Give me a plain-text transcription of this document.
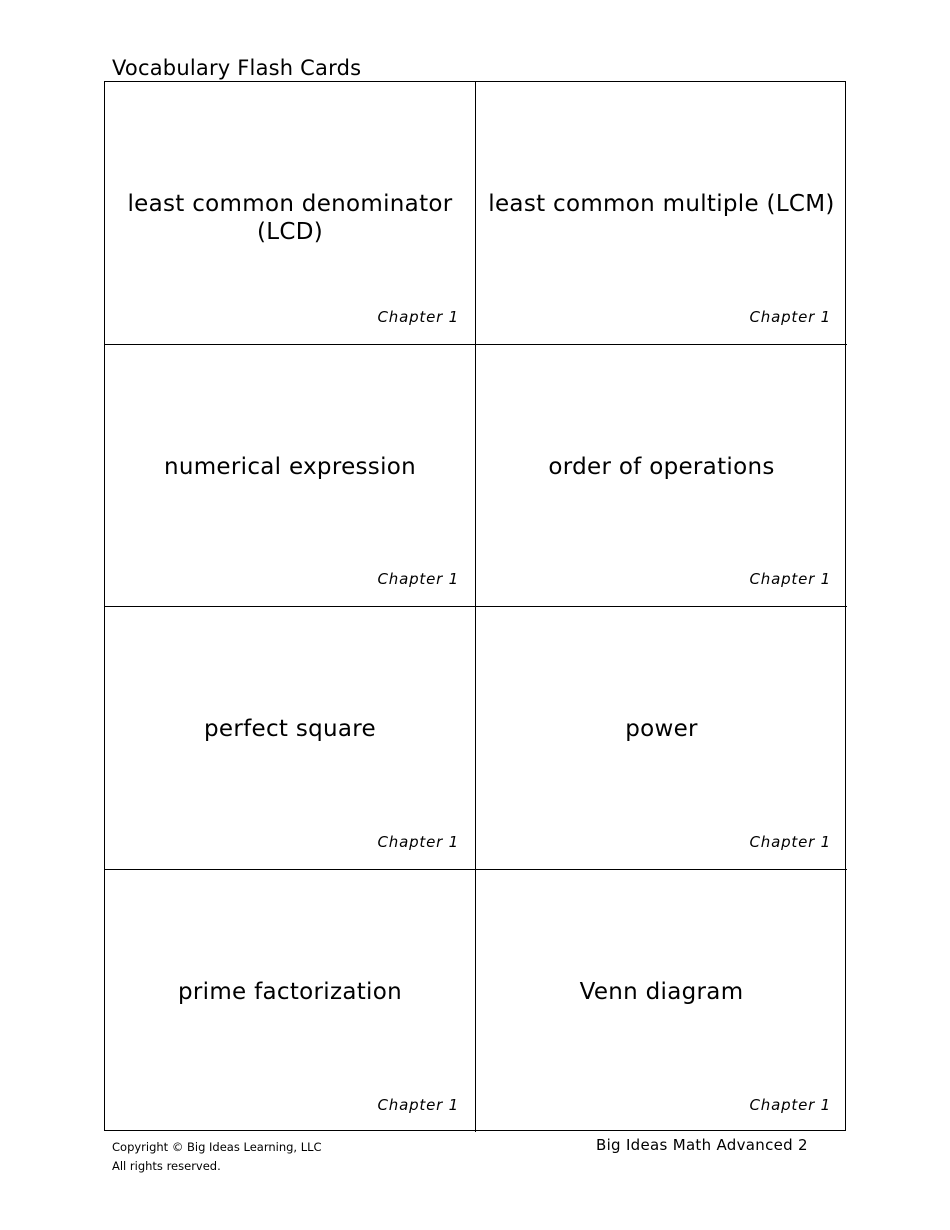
Vocabulary Flash Cards
least common denominator (LCD)
Chapter 1
least common multiple (LCM)
Chapter 1
numerical expression
Chapter 1
order of operations
Chapter 1
perfect square
Chapter 1
power
Chapter 1
prime factorization
Chapter 1
Venn diagram
Chapter 1
Copyright © Big Ideas Learning, LLC
All rights reserved.
Big Ideas Math Advanced 2
